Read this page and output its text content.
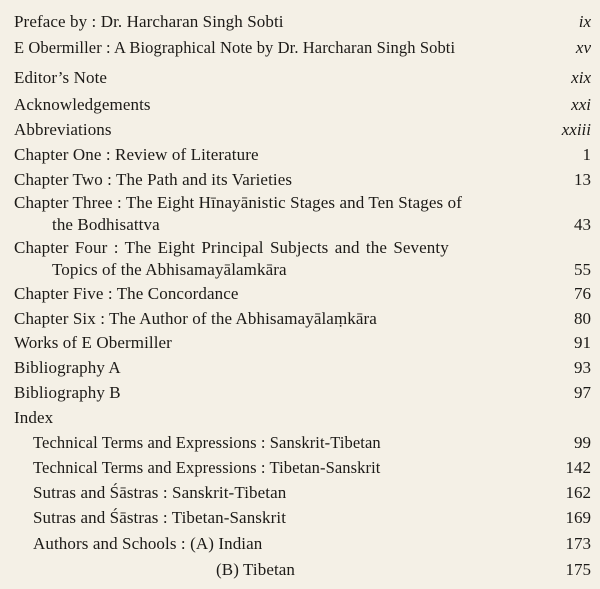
Preface by : Dr. Harcharan Singh Sobti	ix
E Obermiller : A Biographical Note by Dr. Harcharan Singh Sobti	xv
Editor’s Note	xix
Acknowledgements	xxi
Abbreviations	xxiii
Chapter One : Review of Literature	1
Chapter Two : The Path and its Varieties	13
Chapter Three : The Eight Hīnayānistic Stages and Ten Stages of
the Bodhisattva	43
Chapter Four : The Eight Principal Subjects and the Seventy
Topics of the Abhisamayālamkāra	55
Chapter Five : The Concordance	76
Chapter Six : The Author of the Abhisamayālaṃkāra	80
Works of E Obermiller	91
Bibliography A	93
Bibliography B	97
Index
Technical Terms and Expressions : Sanskrit-Tibetan	99
Technical Terms and Expressions : Tibetan-Sanskrit	142
Sutras and Śāstras : Sanskrit-Tibetan	162
Sutras and Śāstras : Tibetan-Sanskrit	169
Authors and Schools : (A) Indian	173
(B) Tibetan	175
